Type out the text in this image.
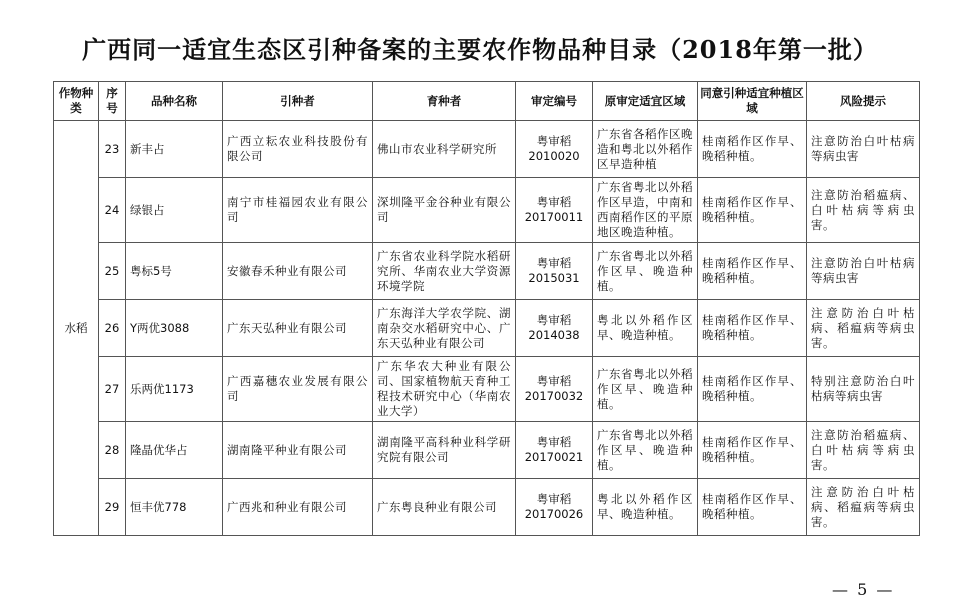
广西同一适宜生态区引种备案的主要农作物品种目录（2018年第一批）
作物种类	序号	品种名称	引种者	育种者	审定编号	原审定适宜区域	同意引种适宜种植区域	风险提示
水稻	23	新丰占	广西立耘农业科技股份有限公司	佛山市农业科学研究所	粤审稻2010020	广东省各稻作区晚造和粤北以外稻作区早造种植	桂南稻作区作早、晚稻种植。	注意防治白叶枯病等病虫害
	24	绿银占	南宁市桂福园农业有限公司	深圳隆平金谷种业有限公司	粤审稻20170011	广东省粤北以外稻作区早造，中南和西南稻作区的平原地区晚造种植。	桂南稻作区作早、晚稻种植。	注意防治稻瘟病、白叶枯病等病虫害。
	25	粤标5号	安徽春禾种业有限公司	广东省农业科学院水稻研究所、华南农业大学资源环境学院	粤审稻2015031	广东省粤北以外稻作区早、晚造种植。	桂南稻作区作早、晚稻种植。	注意防治白叶枯病等病虫害
	26	Y两优3088	广东天弘种业有限公司	广东海洋大学农学院、湖南杂交水稻研究中心、广东天弘种业有限公司	粤审稻2014038	粤北以外稻作区早、晚造种植。	桂南稻作区作早、晚稻种植。	注意防治白叶枯病、稻瘟病等病虫害。
	27	乐两优1173	广西嘉穗农业发展有限公司	广东华农大种业有限公司、国家植物航天育种工程技术研究中心（华南农业大学）	粤审稻20170032	广东省粤北以外稻作区早、晚造种植。	桂南稻作区作早、晚稻种植。	特别注意防治白叶枯病等病虫害
	28	隆晶优华占	湖南隆平种业有限公司	湖南隆平高科种业科学研究院有限公司	粤审稻20170021	广东省粤北以外稻作区早、晚造种植。	桂南稻作区作早、晚稻种植。	注意防治稻瘟病、白叶枯病等病虫害。
	29	恒丰优778	广西兆和种业有限公司	广东粤良种业有限公司	粤审稻20170026	粤北以外稻作区早、晚造种植。	桂南稻作区作早、晚稻种植。	注意防治白叶枯病、稻瘟病等病虫害。
— 5 —
